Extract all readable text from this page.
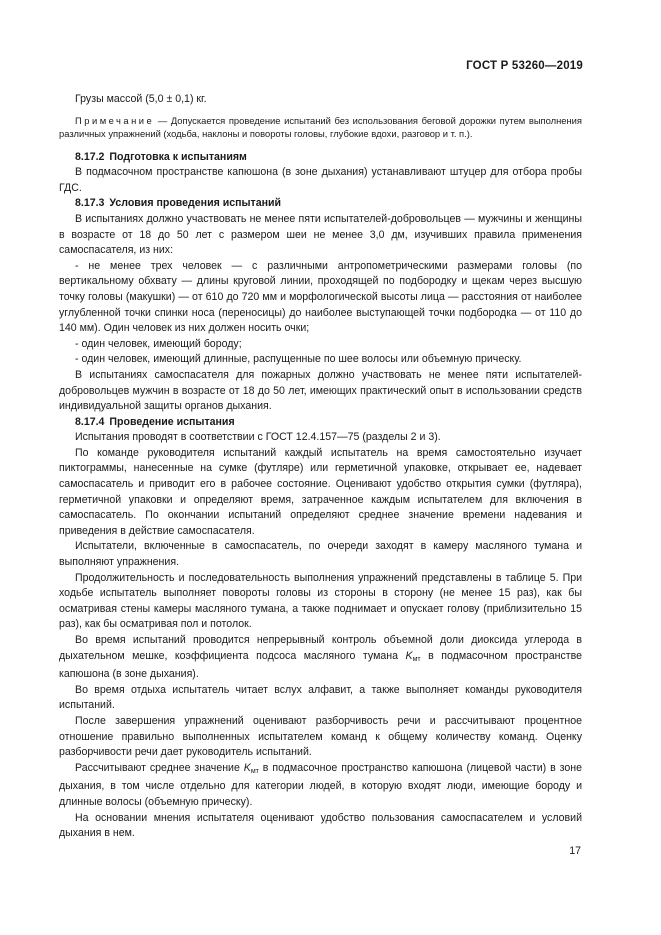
ГОСТ Р 53260—2019

Грузы массой (5,0 ± 0,1) кг.

Примечание — Допускается проведение испытаний без использования беговой дорожки путем выполнения различных упражнений (ходьба, наклоны и повороты головы, глубокие вдохи, разговор и т. п.).

8.17.2 Подготовка к испытаниям

В подмасочном пространстве капюшона (в зоне дыхания) устанавливают штуцер для отбора пробы ГДС.

8.17.3 Условия проведения испытаний

В испытаниях должно участвовать не менее пяти испытателей-добровольцев — мужчины и женщины в возрасте от 18 до 50 лет с размером шеи не менее 3,0 дм, изучивших правила применения самоспасателя, из них:

- не менее трех человек — с различными антропометрическими размерами головы (по вертикальному обхвату — длины круговой линии, проходящей по подбородку и щекам через высшую точку головы (макушки) — от 610 до 720 мм и морфологической высоты лица — расстояния от наиболее углубленной точки спинки носа (переносицы) до наиболее выступающей точки подбородка — от 110 до 140 мм). Один человек из них должен носить очки;

- один человек, имеющий бороду;

- один человек, имеющий длинные, распущенные по шее волосы или объемную прическу.

В испытаниях самоспасателя для пожарных должно участвовать не менее пяти испытателей-добровольцев мужчин в возрасте от 18 до 50 лет, имеющих практический опыт в использовании средств индивидуальной защиты органов дыхания.

8.17.4 Проведение испытания

Испытания проводят в соответствии с ГОСТ 12.4.157—75 (разделы 2 и 3).

По команде руководителя испытаний каждый испытатель на время самостоятельно изучает пиктограммы, нанесенные на сумке (футляре) или герметичной упаковке, открывает ее, надевает самоспасатель и приводит его в рабочее состояние. Оценивают удобство открытия сумки (футляра), герметичной упаковки и определяют время, затраченное каждым испытателем для включения в самоспасатель. По окончании испытаний определяют среднее значение времени надевания и приведения в действие самоспасателя.

Испытатели, включенные в самоспасатель, по очереди заходят в камеру масляного тумана и выполняют упражнения.

Продолжительность и последовательность выполнения упражнений представлены в таблице 5. При ходьбе испытатель выполняет повороты головы из стороны в сторону (не менее 15 раз), как бы осматривая стены камеры масляного тумана, а также поднимает и опускает голову (приблизительно 15 раз), как бы осматривая пол и потолок.

Во время испытаний проводится непрерывный контроль объемной доли диоксида углерода в дыхательном мешке, коэффициента подсоса масляного тумана $K_{мт}$ в подмасочном пространстве капюшона (в зоне дыхания).

Во время отдыха испытатель читает вслух алфавит, а также выполняет команды руководителя испытаний.

После завершения упражнений оценивают разборчивость речи и рассчитывают процентное отношение правильно выполненных испытателем команд к общему количеству команд. Оценку разборчивости речи дает руководитель испытаний.

Рассчитывают среднее значение $K_{мт}$ в подмасочное пространство капюшона (лицевой части) в зоне дыхания, в том числе отдельно для категории людей, в которую входят люди, имеющие бороду и длинные волосы (объемную прическу).

На основании мнения испытателя оценивают удобство пользования самоспасателем и условий дыхания в нем.

17
